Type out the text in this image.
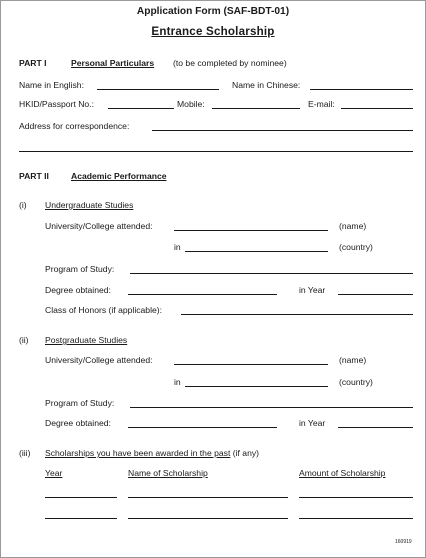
Application Form (SAF-BDT-01)
Entrance Scholarship
PART I	Personal Particulars (to be completed by nominee)
Name in English:	Name in Chinese:
HKID/Passport No.:	Mobile:	E-mail:
Address for correspondence:
PART II	Academic Performance
(i) Undergraduate Studies
University/College attended:	(name)
in	(country)
Program of Study:
Degree obtained:	in Year
Class of Honors (if applicable):
(ii) Postgraduate Studies
University/College attended:	(name)
in	(country)
Program of Study:
Degree obtained:	in Year
(iii) Scholarships you have been awarded in the past (if any)
Year	Name of Scholarship	Amount of Scholarship
160919
